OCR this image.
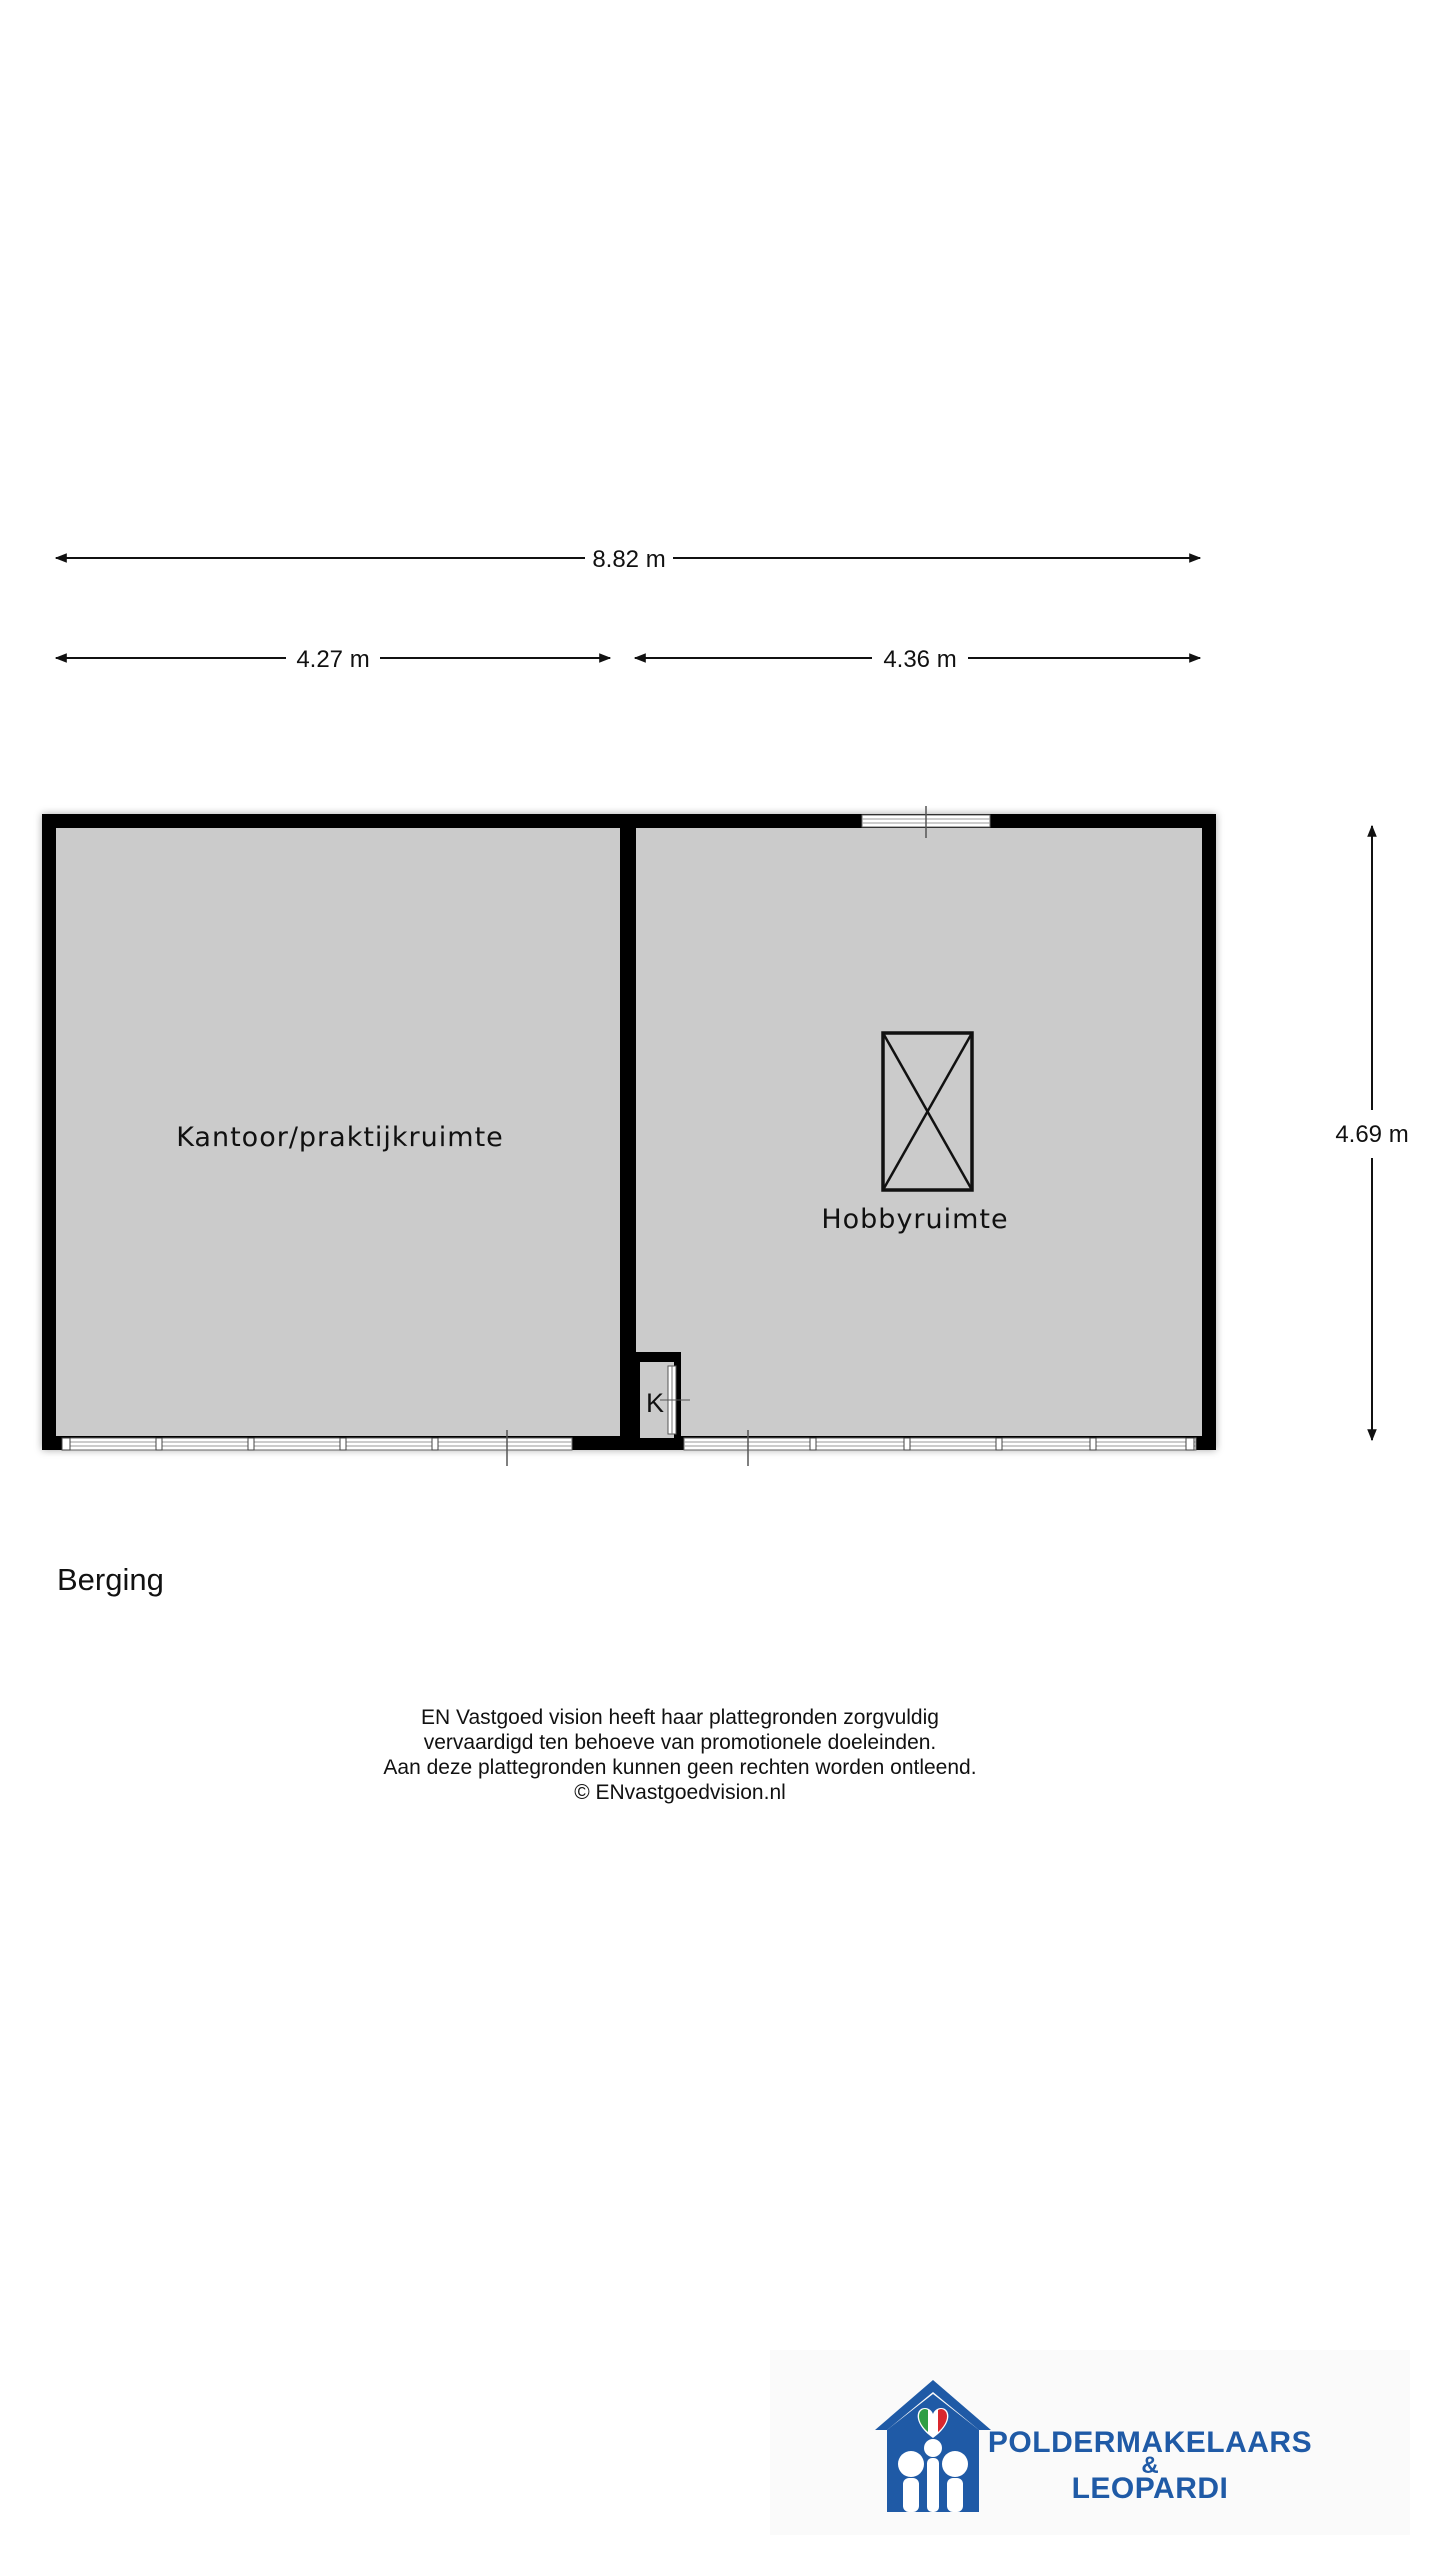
8.82 m
4.27 m	4.36 m
4.69 m
K
Kantoor/praktijkruimte
Hobbyruimte
Berging
EN Vastgoed vision heeft haar plattegronden zorgvuldig
vervaardigd ten behoeve van promotionele doeleinden.
Aan deze plattegronden kunnen geen rechten worden ontleend.
© ENvastgoedvision.nl
POLDERMAKELAARS
&
LEOPARDI
